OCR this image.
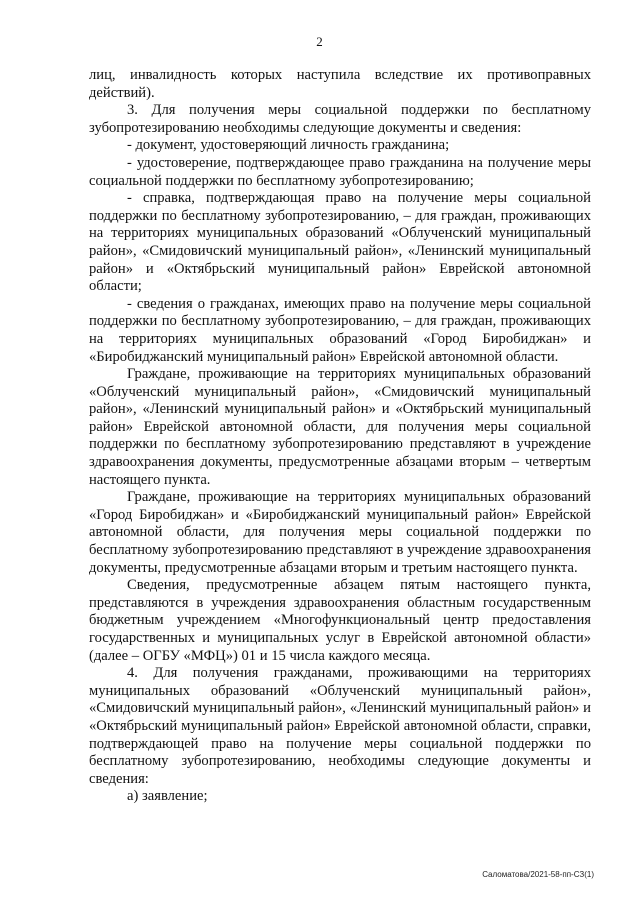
2

лиц, инвалидность которых наступила вследствие их противоправных действий).

3. Для получения меры социальной поддержки по бесплатному зубопротезированию необходимы следующие документы и сведения:

- документ, удостоверяющий личность гражданина;

- удостоверение, подтверждающее право гражданина на получение меры социальной поддержки по бесплатному зубопротезированию;

- справка, подтверждающая право на получение меры социальной поддержки по бесплатному зубопротезированию, – для граждан, проживающих на территориях муниципальных образований «Облученский муниципальный район», «Смидовичский муниципальный район», «Ленинский муниципальный район» и «Октябрьский муниципальный район» Еврейской автономной области;

- сведения о гражданах, имеющих право на получение меры социальной поддержки по бесплатному зубопротезированию, – для граждан, проживающих на территориях муниципальных образований «Город Биробиджан» и «Биробиджанский муниципальный район» Еврейской автономной области.

Граждане, проживающие на территориях муниципальных образований «Облученский муниципальный район», «Смидовичский муниципальный район», «Ленинский муниципальный район» и «Октябрьский муниципальный район» Еврейской автономной области, для получения меры социальной поддержки по бесплатному зубопротезированию представляют в учреждение здравоохранения документы, предусмотренные абзацами вторым – четвертым настоящего пункта.

Граждане, проживающие на территориях муниципальных образований «Город Биробиджан» и «Биробиджанский муниципальный район» Еврейской автономной области, для получения меры социальной поддержки по бесплатному зубопротезированию представляют в учреждение здравоохранения документы, предусмотренные абзацами вторым и третьим настоящего пункта.

Сведения, предусмотренные абзацем пятым настоящего пункта, представляются в учреждения здравоохранения областным государственным бюджетным учреждением «Многофункциональный центр предоставления государственных и муниципальных услуг в Еврейской автономной области» (далее – ОГБУ «МФЦ») 01 и 15 числа каждого месяца.

4. Для получения гражданами, проживающими на территориях муниципальных образований «Облученский муниципальный район», «Смидовичский муниципальный район», «Ленинский муниципальный район» и «Октябрьский муниципальный район» Еврейской автономной области, справки, подтверждающей право на получение меры социальной поддержки по бесплатному зубопротезированию, необходимы следующие документы и сведения:

а) заявление;

Саломатова/2021-58-пп-СЗ(1)
